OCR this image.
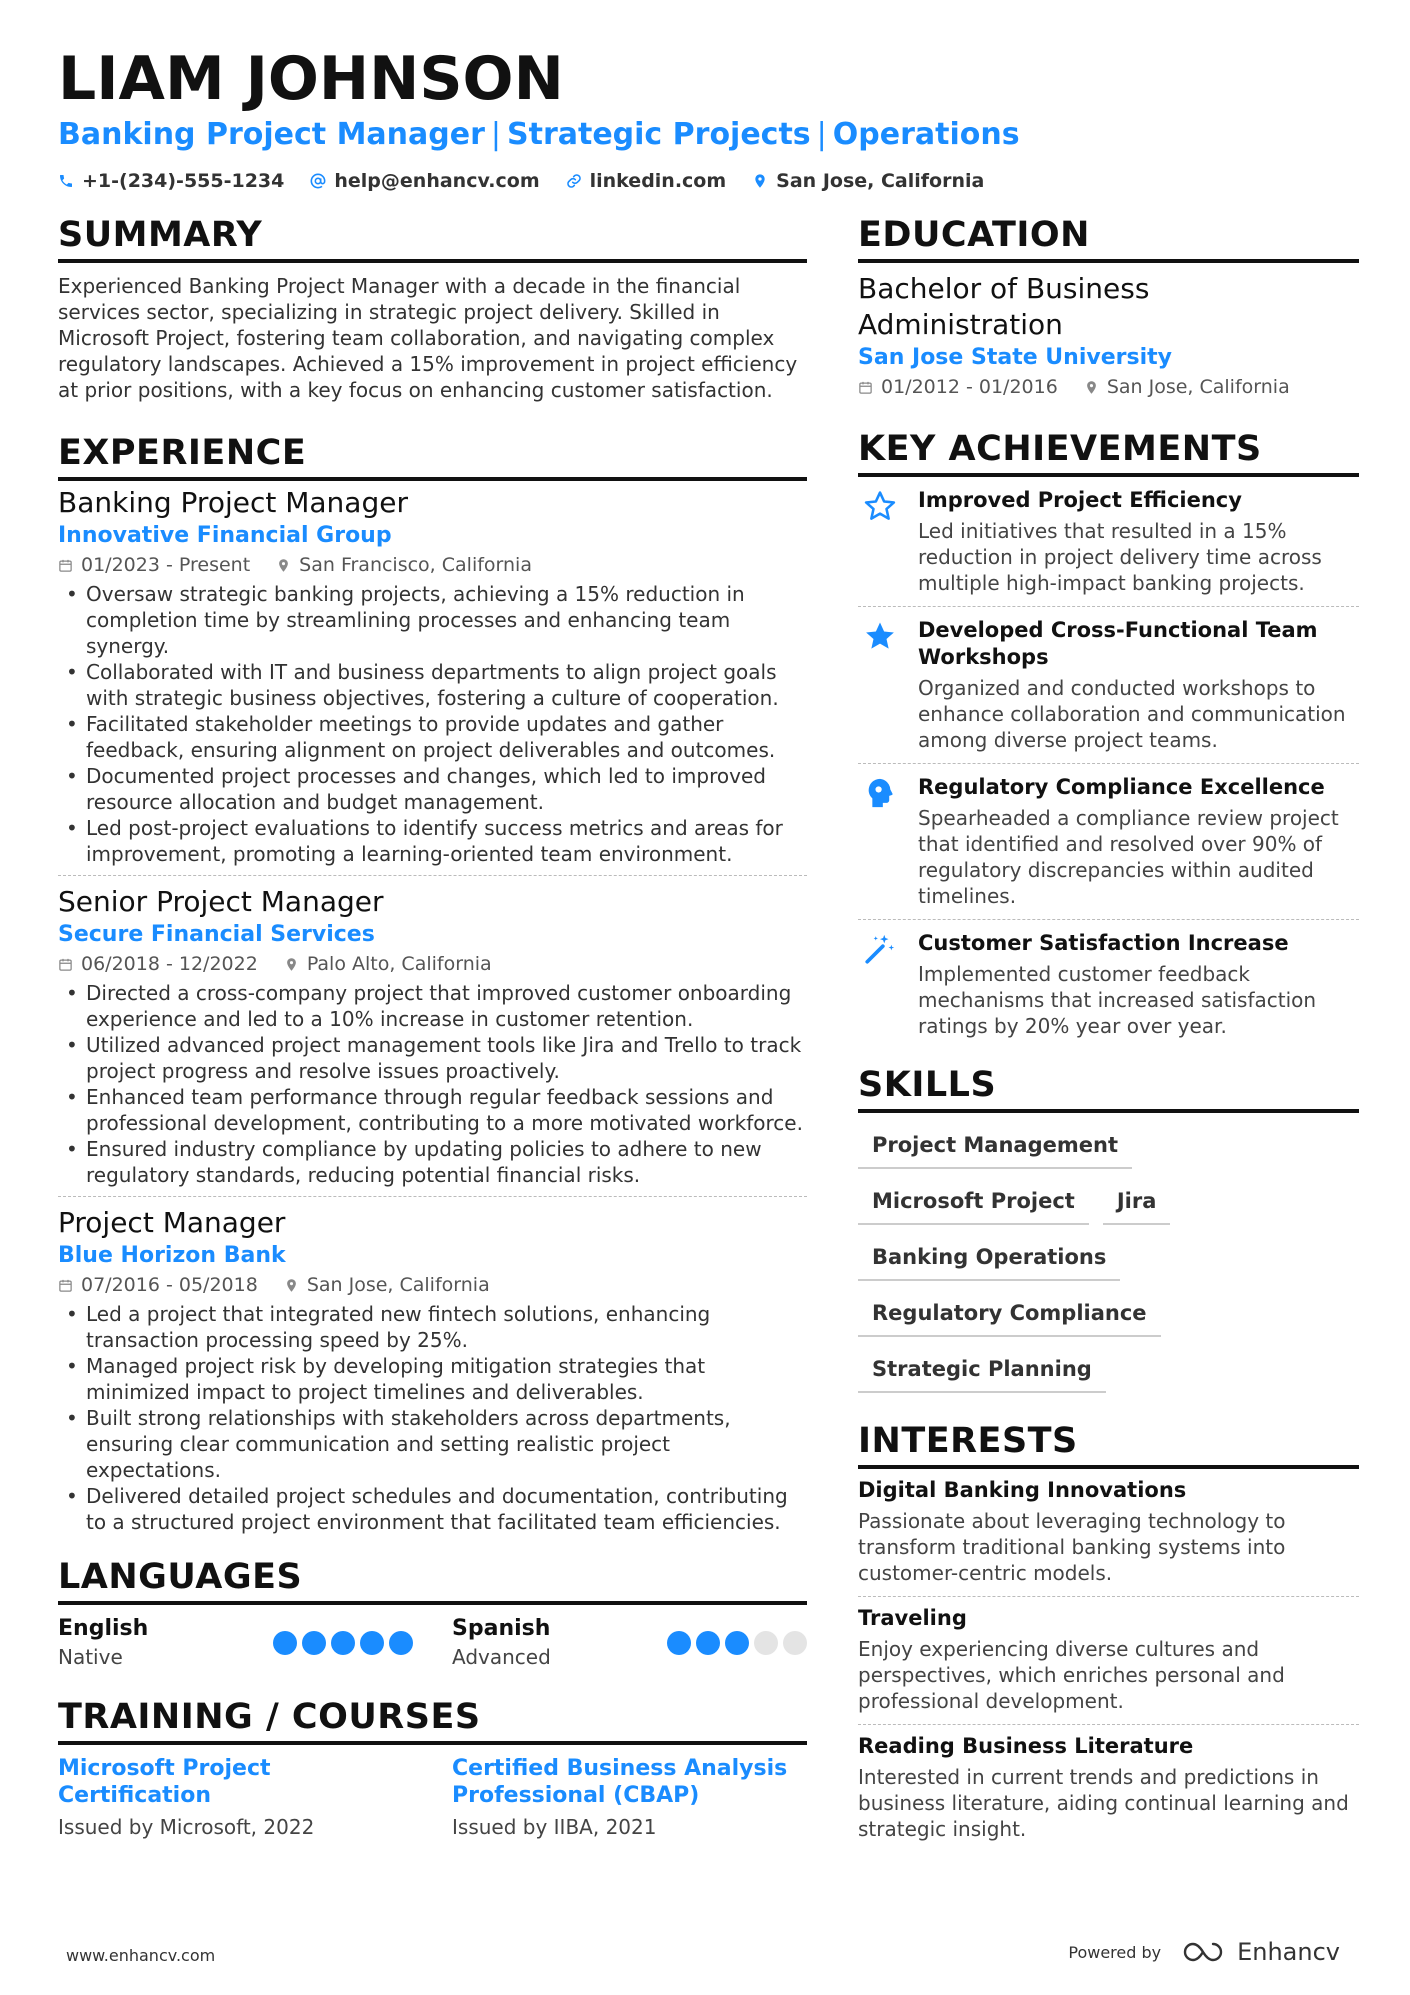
LIAM JOHNSON
Banking Project Manager | Strategic Projects | Operations
+1-(234)-555-1234	help@enhancv.com	linkedin.com	San Jose, California
SUMMARY
Experienced Banking Project Manager with a decade in the financial services sector, specializing in strategic project delivery. Skilled in Microsoft Project, fostering team collaboration, and navigating complex regulatory landscapes. Achieved a 15% improvement in project efficiency at prior positions, with a key focus on enhancing customer satisfaction.
EXPERIENCE
Banking Project Manager
Innovative Financial Group
01/2023 - Present	San Francisco, California
• Oversaw strategic banking projects, achieving a 15% reduction in completion time by streamlining processes and enhancing team synergy.
• Collaborated with IT and business departments to align project goals with strategic business objectives, fostering a culture of cooperation.
• Facilitated stakeholder meetings to provide updates and gather feedback, ensuring alignment on project deliverables and outcomes.
• Documented project processes and changes, which led to improved resource allocation and budget management.
• Led post-project evaluations to identify success metrics and areas for improvement, promoting a learning-oriented team environment.
Senior Project Manager
Secure Financial Services
06/2018 - 12/2022	Palo Alto, California
• Directed a cross-company project that improved customer onboarding experience and led to a 10% increase in customer retention.
• Utilized advanced project management tools like Jira and Trello to track project progress and resolve issues proactively.
• Enhanced team performance through regular feedback sessions and professional development, contributing to a more motivated workforce.
• Ensured industry compliance by updating policies to adhere to new regulatory standards, reducing potential financial risks.
Project Manager
Blue Horizon Bank
07/2016 - 05/2018	San Jose, California
• Led a project that integrated new fintech solutions, enhancing transaction processing speed by 25%.
• Managed project risk by developing mitigation strategies that minimized impact to project timelines and deliverables.
• Built strong relationships with stakeholders across departments, ensuring clear communication and setting realistic project expectations.
• Delivered detailed project schedules and documentation, contributing to a structured project environment that facilitated team efficiencies.
LANGUAGES
English
Native
Spanish
Advanced
TRAINING / COURSES
Microsoft Project Certification
Issued by Microsoft, 2022
Certified Business Analysis Professional (CBAP)
Issued by IIBA, 2021
EDUCATION
Bachelor of Business Administration
San Jose State University
01/2012 - 01/2016	San Jose, California
KEY ACHIEVEMENTS
Improved Project Efficiency
Led initiatives that resulted in a 15% reduction in project delivery time across multiple high-impact banking projects.
Developed Cross-Functional Team Workshops
Organized and conducted workshops to enhance collaboration and communication among diverse project teams.
Regulatory Compliance Excellence
Spearheaded a compliance review project that identified and resolved over 90% of regulatory discrepancies within audited timelines.
Customer Satisfaction Increase
Implemented customer feedback mechanisms that increased satisfaction ratings by 20% year over year.
SKILLS
Project Management
Microsoft Project	Jira
Banking Operations
Regulatory Compliance
Strategic Planning
INTERESTS
Digital Banking Innovations
Passionate about leveraging technology to transform traditional banking systems into customer-centric models.
Traveling
Enjoy experiencing diverse cultures and perspectives, which enriches personal and professional development.
Reading Business Literature
Interested in current trends and predictions in business literature, aiding continual learning and strategic insight.
www.enhancv.com	Powered by	Enhancv
